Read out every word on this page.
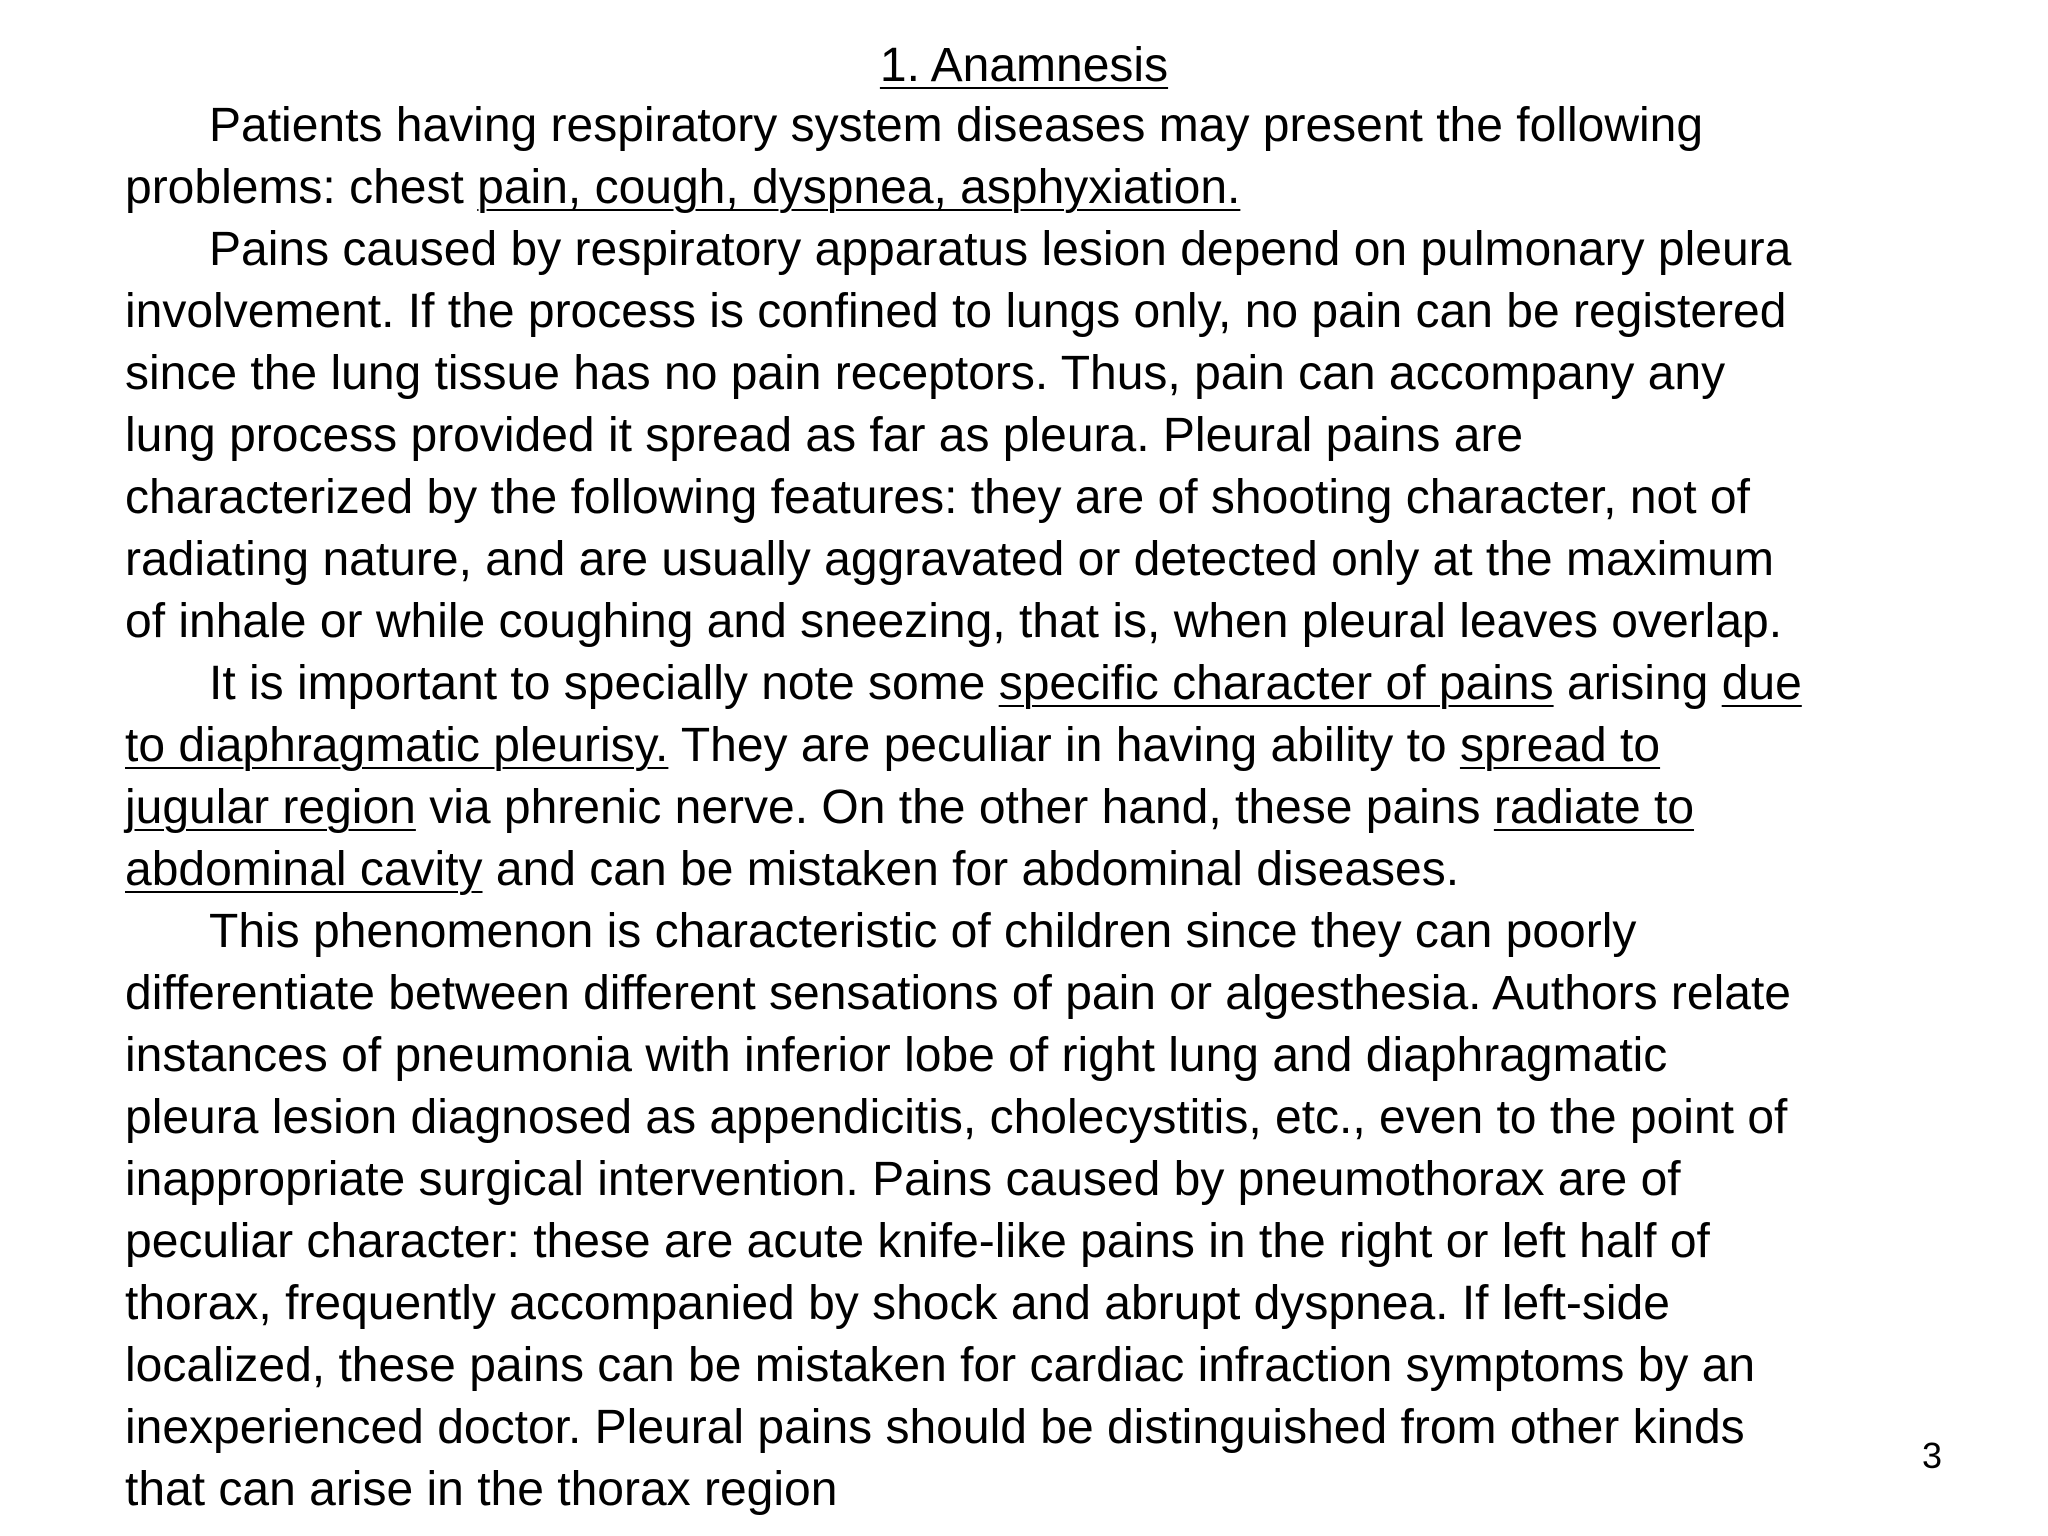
1. Anamnesis
Patients having respiratory system diseases may present the following
problems: chest pain, cough, dyspnea, asphyxiation.
Pains caused by respiratory apparatus lesion depend on pulmonary pleura
involvement. If the process is confined to lungs only, no pain can be registered
since the lung tissue has no pain receptors. Thus, pain can accompany any
lung process provided it spread as far as pleura. Pleural pains are
characterized by the following features: they are of shooting character, not of
radiating nature, and are usually aggravated or detected only at the maximum
of inhale or while coughing and sneezing, that is, when pleural leaves overlap.
It is important to specially note some specific character of pains arising due
to diaphragmatic pleurisy. They are peculiar in having ability to spread to
jugular region via phrenic nerve. On the other hand, these pains radiate to
abdominal cavity and can be mistaken for abdominal diseases.
This phenomenon is characteristic of children since they can poorly
differentiate between different sensations of pain or algesthesia. Authors relate
instances of pneumonia with inferior lobe of right lung and diaphragmatic
pleura lesion diagnosed as appendicitis, cholecystitis, etc., even to the point of
inappropriate surgical intervention. Pains caused by pneumothorax are of
peculiar character: these are acute knife-like pains in the right or left half of
thorax, frequently accompanied by shock and abrupt dyspnea. If left-side
localized, these pains can be mistaken for cardiac infraction symptoms by an
inexperienced doctor. Pleural pains should be distinguished from other kinds
that can arise in the thorax region
3
